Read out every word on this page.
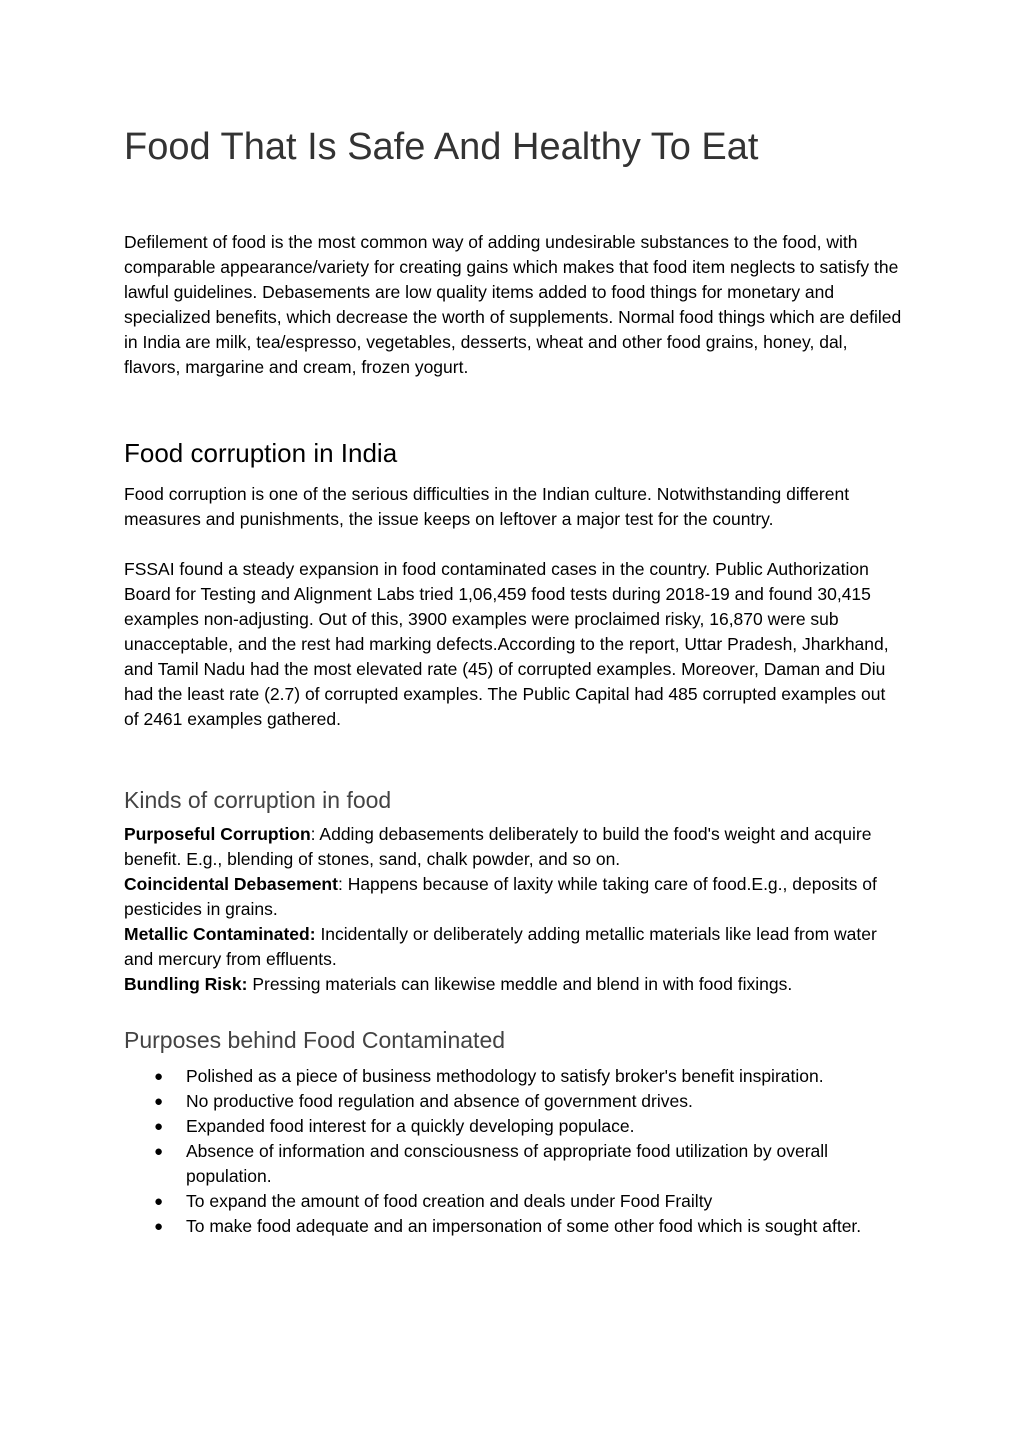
Food That Is Safe And Healthy To Eat

Defilement of food is the most common way of adding undesirable substances to the food, with comparable appearance/variety for creating gains which makes that food item neglects to satisfy the lawful guidelines. Debasements are low quality items added to food things for monetary and specialized benefits, which decrease the worth of supplements. Normal food things which are defiled in India are milk, tea/espresso, vegetables, desserts, wheat and other food grains, honey, dal, flavors, margarine and cream, frozen yogurt.

Food corruption in India

Food corruption is one of the serious difficulties in the Indian culture. Notwithstanding different measures and punishments, the issue keeps on leftover a major test for the country.

FSSAI found a steady expansion in food contaminated cases in the country. Public Authorization Board for Testing and Alignment Labs tried 1,06,459 food tests during 2018-19 and found 30,415 examples non-adjusting. Out of this, 3900 examples were proclaimed risky, 16,870 were sub unacceptable, and the rest had marking defects.According to the report, Uttar Pradesh, Jharkhand, and Tamil Nadu had the most elevated rate (45) of corrupted examples. Moreover, Daman and Diu had the least rate (2.7) of corrupted examples. The Public Capital had 485 corrupted examples out of 2461 examples gathered.

Kinds of corruption in food

Purposeful Corruption: Adding debasements deliberately to build the food's weight and acquire benefit. E.g., blending of stones, sand, chalk powder, and so on.

Coincidental Debasement: Happens because of laxity while taking care of food.E.g., deposits of pesticides in grains.

Metallic Contaminated: Incidentally or deliberately adding metallic materials like lead from water and mercury from effluents.

Bundling Risk: Pressing materials can likewise meddle and blend in with food fixings.

Purposes behind Food Contaminated
● Polished as a piece of business methodology to satisfy broker's benefit inspiration.
● No productive food regulation and absence of government drives.
● Expanded food interest for a quickly developing populace.
● Absence of information and consciousness of appropriate food utilization by overall population.
● To expand the amount of food creation and deals under Food Frailty
● To make food adequate and an impersonation of some other food which is sought after.
